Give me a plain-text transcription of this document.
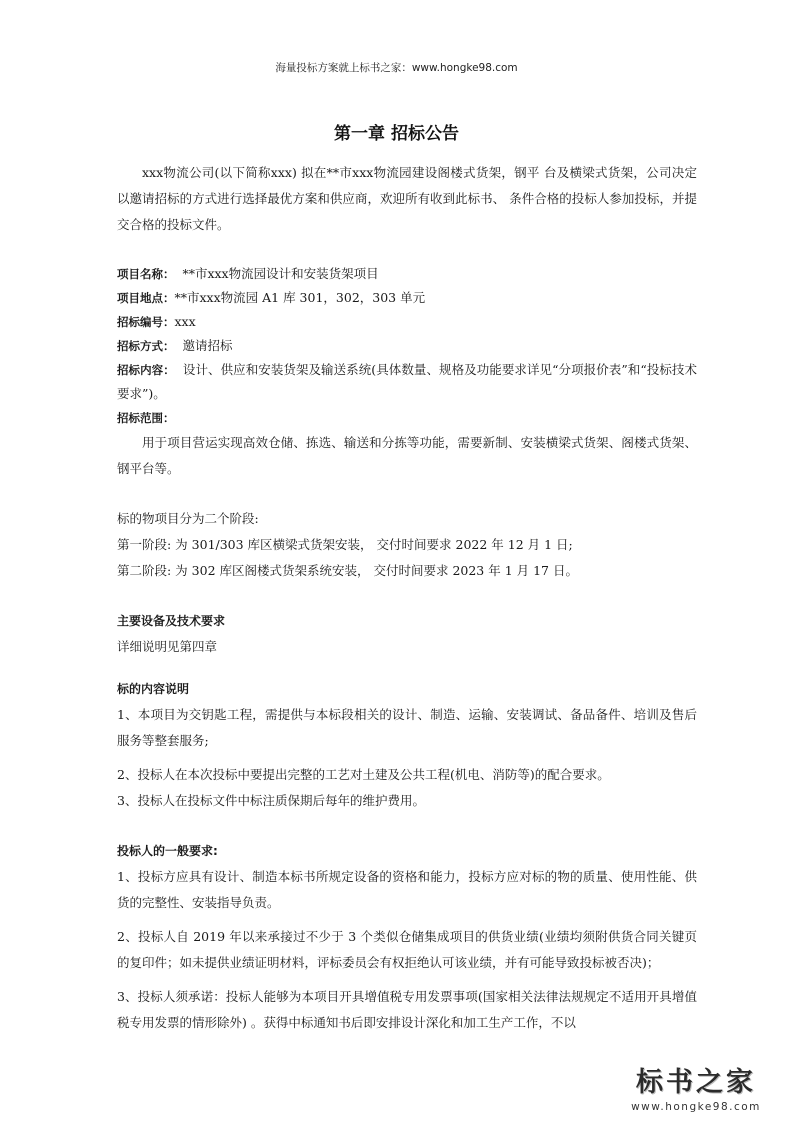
海量投标方案就上标书之家：www.hongke98.com
第一章 招标公告

xxx物流公司(以下简称xxx) 拟在**市xxx物流园建设阁楼式货架，钢平 台及横梁式货架，公司决定以邀请招标的方式进行选择最优方案和供应商，欢迎所有收到此标书、 条件合格的投标人参加投标，并提交合格的投标文件。

项目名称： **市xxx物流园设计和安装货架项目

项目地点：**市xxx物流园 A1 库 301，302，303 单元

招标编号：xxx

招标方式： 邀请招标

招标内容： 设计、供应和安装货架及输送系统(具体数量、规格及功能要求详见“分项报价表”和“投标技术要求”)。

招标范围：

用于项目营运实现高效仓储、拣选、输送和分拣等功能，需要新制、安装横梁式货架、阁楼式货架、钢平台等。

标的物项目分为二个阶段:

第一阶段: 为 301/303 库区横梁式货架安装， 交付时间要求 2022 年 12 月 1 日;

第二阶段: 为 302 库区阁楼式货架系统安装， 交付时间要求 2023 年 1 月 17 日。

主要设备及技术要求

详细说明见第四章

标的内容说明

1、本项目为交钥匙工程，需提供与本标段相关的设计、制造、运输、安装调试、备品备件、培训及售后服务等整套服务;

2、投标人在本次投标中要提出完整的工艺对土建及公共工程(机电、消防等)的配合要求。

3、投标人在投标文件中标注质保期后每年的维护费用。

投标人的一般要求:

1、投标方应具有设计、制造本标书所规定设备的资格和能力，投标方应对标的物的质量、使用性能、供货的完整性、安装指导负责。

2、投标人自 2019 年以来承接过不少于 3 个类似仓储集成项目的供货业绩(业绩均须附供货合同关键页的复印件；如未提供业绩证明材料，评标委员会有权拒绝认可该业绩，并有可能导致投标被否决)；

3、投标人须承诺：投标人能够为本项目开具增值税专用发票事项(国家相关法律法规规定不适用开具增值税专用发票的情形除外) 。获得中标通知书后即安排设计深化和加工生产工作，不以

标书之家
www.hongke98.com
